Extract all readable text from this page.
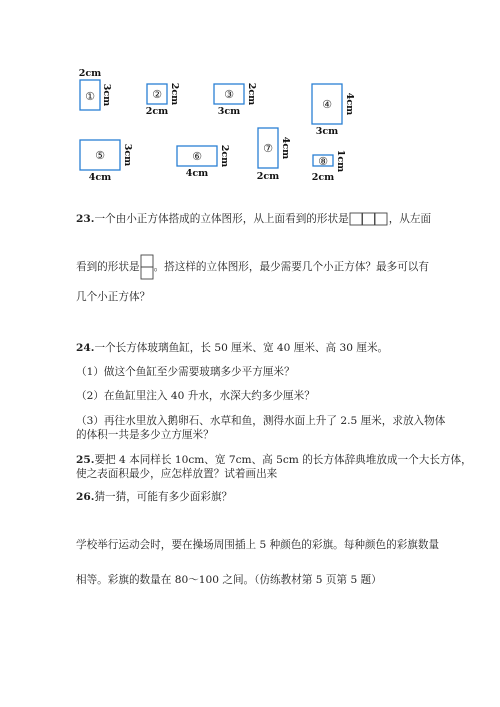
①
2cm
3cm	②
2cm
2cm	③
3cm
2cm	④
3cm
4cm
⑤
4cm
3cm	⑥
4cm
2cm	⑦
2cm
4cm
⑧
2cm
1cm
23.一个由小正方体搭成的立体图形，从上面看到的形状是	，从左面
看到的形状是 。搭这样的立体图形，最少需要几个小正方体？最多可以有
几个小正方体？
24.一个长方体玻璃鱼缸，长 50 厘米、宽 40 厘米、高 30 厘米。
（1）做这个鱼缸至少需要玻璃多少平方厘米？
（2）在鱼缸里注入 40 升水，水深大约多少厘米？
（3）再往水里放入鹅卵石、水草和鱼，测得水面上升了 2.5 厘米，求放入物体
的体积一共是多少立方厘米？
25.要把 4 本同样长 10cm、宽 7cm、高 5cm 的长方体辞典堆放成一个大长方体，
使之表面积最少，应怎样放置？试着画出来
26.猜一猜，可能有多少面彩旗？
学校举行运动会时，要在操场周围插上 5 种颜色的彩旗。每种颜色的彩旗数量
相等。彩旗的数量在 80～100 之间。（仿练教材第 5 页第 5 题）
